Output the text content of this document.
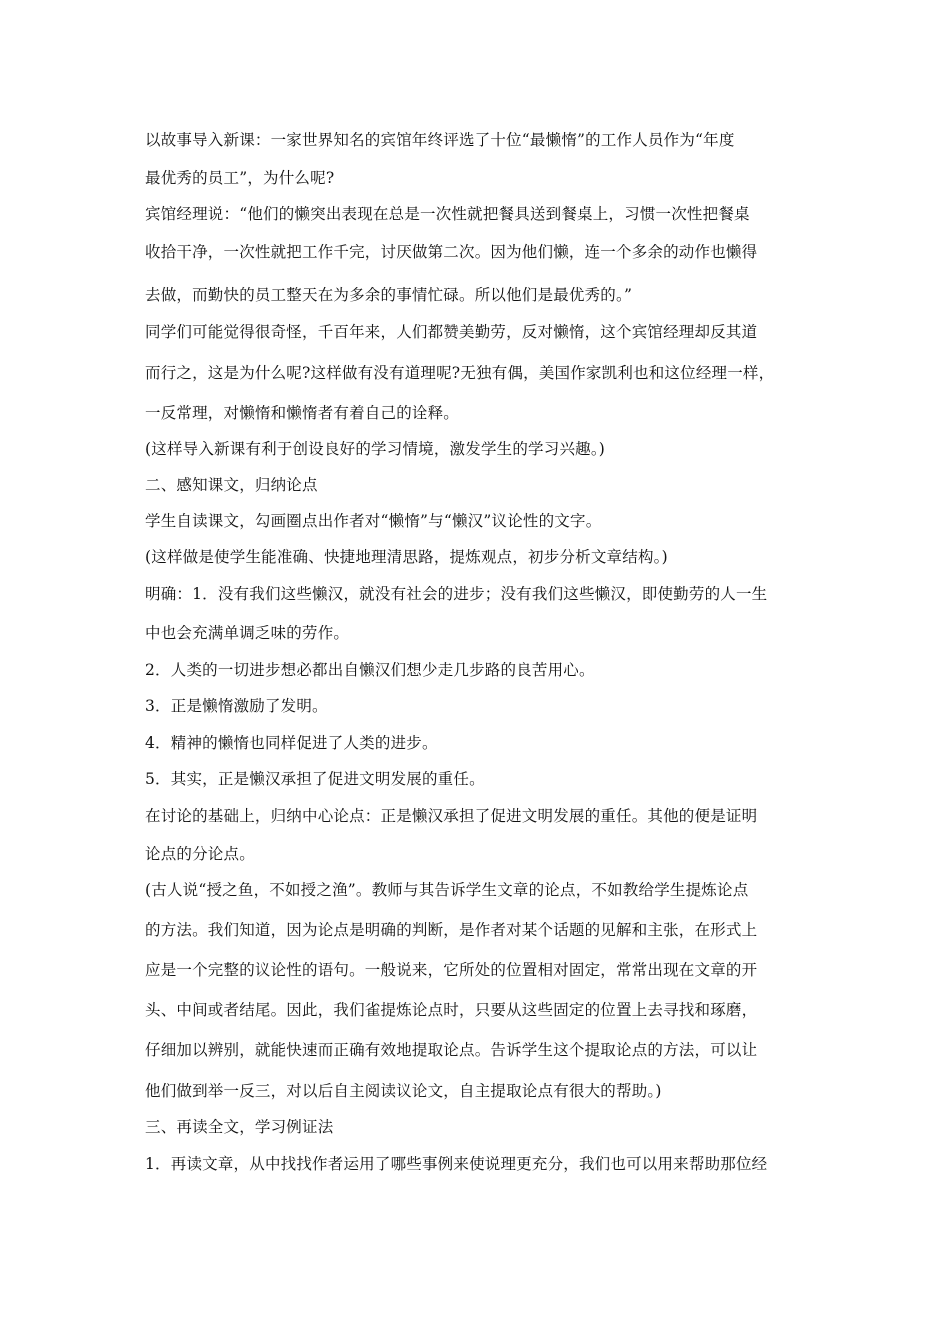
以故事导入新课：一家世界知名的宾馆年终评选了十位“最懒惰”的工作人员作为“年度
最优秀的员工”，为什么呢?
宾馆经理说：“他们的懒突出表现在总是一次性就把餐具送到餐桌上，习惯一次性把餐桌
收拾干净，一次性就把工作千完，讨厌做第二次。因为他们懒，连一个多余的动作也懒得
去做，而勤快的员工整天在为多余的事情忙碌。所以他们是最优秀的。”
同学们可能觉得很奇怪，千百年来，人们都赞美勤劳，反对懒惰，这个宾馆经理却反其道
而行之，这是为什么呢?这样做有没有道理呢?无独有偶，美国作家凯利也和这位经理一样，
一反常理，对懒惰和懒惰者有着自己的诠释。
(这样导入新课有利于创设良好的学习情境，激发学生的学习兴趣。)
二、感知课文，归纳论点
学生自读课文，勾画圈点出作者对“懒惰”与“懒汉”议论性的文字。
(这样做是使学生能准确、快捷地理清思路，提炼观点，初步分析文章结构。)
明确：1．没有我们这些懒汉，就没有社会的进步；没有我们这些懒汉，即使勤劳的人一生
中也会充满单调乏味的劳作。
2．人类的一切进步想必都出自懒汉们想少走几步路的良苦用心。
3．正是懒惰激励了发明。
4．精神的懒惰也同样促进了人类的进步。
5．其实，正是懒汉承担了促进文明发展的重任。
在讨论的基础上，归纳中心论点：正是懒汉承担了促进文明发展的重任。其他的便是证明
论点的分论点。
(古人说“授之鱼，不如授之渔”。教师与其告诉学生文章的论点，不如教给学生提炼论点
的方法。我们知道，因为论点是明确的判断，是作者对某个话题的见解和主张，在形式上
应是一个完整的议论性的语句。一般说来，它所处的位置相对固定，常常出现在文章的开
头、中间或者结尾。因此，我们雀提炼论点时，只要从这些固定的位置上去寻找和琢磨，
仔细加以辨别，就能快速而正确有效地提取论点。告诉学生这个提取论点的方法，可以让
他们做到举一反三，对以后自主阅读议论文，自主提取论点有很大的帮助。)
三、再读全文，学习例证法
1．再读文章，从中找找作者运用了哪些事例来使说理更充分，我们也可以用来帮助那位经
